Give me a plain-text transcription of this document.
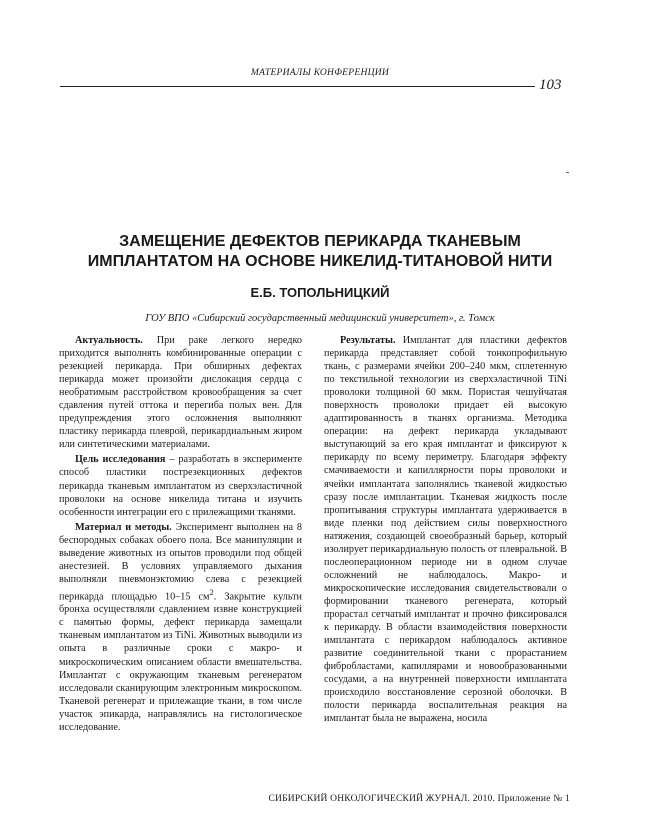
МАТЕРИАЛЫ КОНФЕРЕНЦИИ
103
-
ЗАМЕЩЕНИЕ ДЕФЕКТОВ ПЕРИКАРДА ТКАНЕВЫМ
ИМПЛАНТАТОМ НА ОСНОВЕ НИКЕЛИД-ТИТАНОВОЙ НИТИ
Е.Б. ТОПОЛЬНИЦКИЙ
ГОУ ВПО «Сибирский государственный медицинский университет», г. Томск

Актуальность. При раке легкого нередко приходится выполнять комбинированные операции с резекцией перикарда. При обширных дефектах перикарда может произойти дислокация сердца с необратимым расстройством кровообращения за счет сдавления путей оттока и перегиба полых вен. Для предупреждения этого осложнения выполняют пластику перикарда плеврой, перикардиальным жиром или синтетическими материалами.

Цель исследования – разработать в эксперименте способ пластики пострезекционных дефектов перикарда тканевым имплантатом из сверхэластичной проволоки на основе никелида титана и изучить особенности интеграции его с прилежащими тканями.

Материал и методы. Эксперимент выполнен на 8 беспородных собаках обоего пола. Все манипуляции и выведение животных из опытов проводили под общей анестезией. В условиях управляемого дыхания выполняли пневмонэктомию слева с резекцией перикарда площадью 10–15 $см^2$. Закрытие культи бронха осуществляли сдавлением извне конструкцией с памятью формы, дефект перикарда замещали тканевым имплантатом из TiNi. Животных выводили из опыта в различные сроки с макро- и микроскопическим описанием области вмешательства. Имплантат с окружающим тканевым регенератом исследовали сканирующим электронным микроскопом. Тканевой регенерат и прилежащие ткани, в том числе участок эпикарда, направлялись на гистологическое исследование.

Результаты. Имплантат для пластики дефектов перикарда представляет собой тонкопрофильную ткань, с размерами ячейки 200–240 мкм, сплетенную по текстильной технологии из сверхэластичной TiNi проволоки толщиной 60 мкм. Пористая чешуйчатая поверхность проволоки придает ей высокую адаптированность в тканях организма. Методика операции: на дефект перикарда укладывают выступающий за его края имплантат и фиксируют к перикарду по всему периметру. Благодаря эффекту смачиваемости и капиллярности поры проволоки и ячейки имплантата заполнялись тканевой жидкостью сразу после имплантации. Тканевая жидкость после пропитывания структуры имплантата удерживается в виде пленки под действием силы поверхностного натяжения, создающей своеобразный барьер, который изолирует перикардиальную полость от плевральной. В послеоперационном периоде ни в одном случае осложнений не наблюдалось. Макро- и микроскопические исследования свидетельствовали о формировании тканевого регенерата, который прорастал сетчатый имплантат и прочно фиксировался к перикарду. В области взаимодействия поверхности имплантата с перикардом наблюдалось активное развитие соединительной ткани с прорастанием фибробластами, капиллярами и новообразованными сосудами, а на внутренней поверхности имплантата происходило восстановление серозной оболочки. В полости перикарда воспалительная реакция на имплантат была не выражена, носила

СИБИРСКИЙ ОНКОЛОГИЧЕСКИЙ ЖУРНАЛ. 2010. Приложение № 1
